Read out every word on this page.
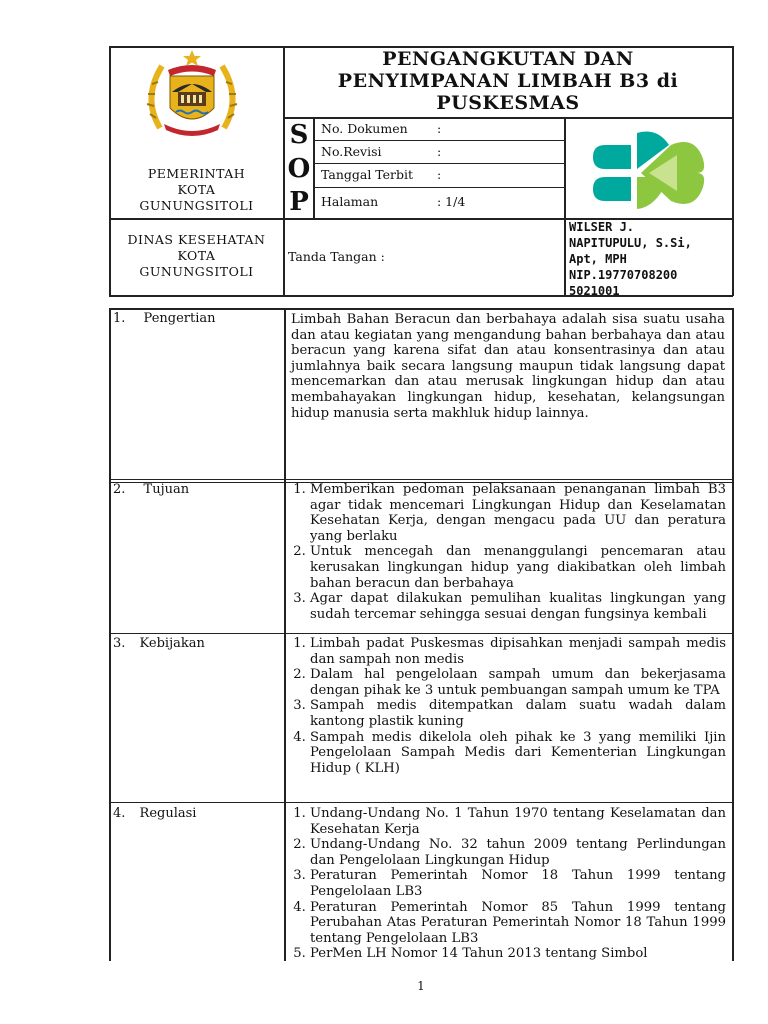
PEMERINTAH
KOTA
GUNUNGSITOLI
PENGANGKUTAN DAN
PENYIMPANAN LIMBAH B3 di
PUSKESMAS
S
O
P
No. Dokumen :
No.Revisi	:
Tanggal Terbit :
Halaman	: 1/4
DINAS KESEHATAN
KOTA
GUNUNGSITOLI
Tanda Tangan :
WILSER J.
NAPITUPULU, S.Si,
Apt, MPH
NIP.19770708200
5021001
1. Pengertian	Limbah Bahan Beracun dan berbahaya adalah sisa suatu usaha dan atau kegiatan yang mengandung bahan berbahaya dan atau beracun yang karena sifat dan atau konsentrasinya dan atau jumlahnya baik secara langsung maupun tidak langsung dapat mencemarkan dan atau merusak lingkungan hidup dan atau membahayakan lingkungan hidup, kesehatan, kelangsungan hidup manusia serta makhluk hidup lainnya.
2. Tujuan	1. Memberikan pedoman pelaksanaan penanganan limbah B3 agar tidak mencemari Lingkungan Hidup dan Keselamatan Kesehatan Kerja, dengan mengacu pada UU dan peratura yang berlaku
2. Untuk mencegah dan menanggulangi pencemaran atau kerusakan lingkungan hidup yang diakibatkan oleh limbah bahan beracun dan berbahaya
3. Agar dapat dilakukan pemulihan kualitas lingkungan yang sudah tercemar sehingga sesuai dengan fungsinya kembali
3. Kebijakan	1. Limbah padat Puskesmas dipisahkan menjadi sampah medis dan sampah non medis
2. Dalam hal pengelolaan sampah umum dan bekerjasama dengan pihak ke 3 untuk pembuangan sampah umum ke TPA
3. Sampah medis ditempatkan dalam suatu wadah dalam kantong plastik kuning
4. Sampah medis dikelola oleh pihak ke 3 yang memiliki Ijin Pengelolaan Sampah Medis dari Kementerian Lingkungan Hidup ( KLH)
4. Regulasi	1. Undang-Undang No. 1 Tahun 1970 tentang Keselamatan dan Kesehatan Kerja
2. Undang-Undang No. 32 tahun 2009 tentang Perlindungan dan Pengelolaan Lingkungan Hidup
3. Peraturan Pemerintah Nomor 18 Tahun 1999 tentang Pengelolaan LB3
4. Peraturan Pemerintah Nomor 85 Tahun 1999 tentang Perubahan Atas Peraturan Pemerintah Nomor 18 Tahun 1999 tentang Pengelolaan LB3
5. PerMen LH Nomor 14 Tahun 2013 tentang Simbol
1
